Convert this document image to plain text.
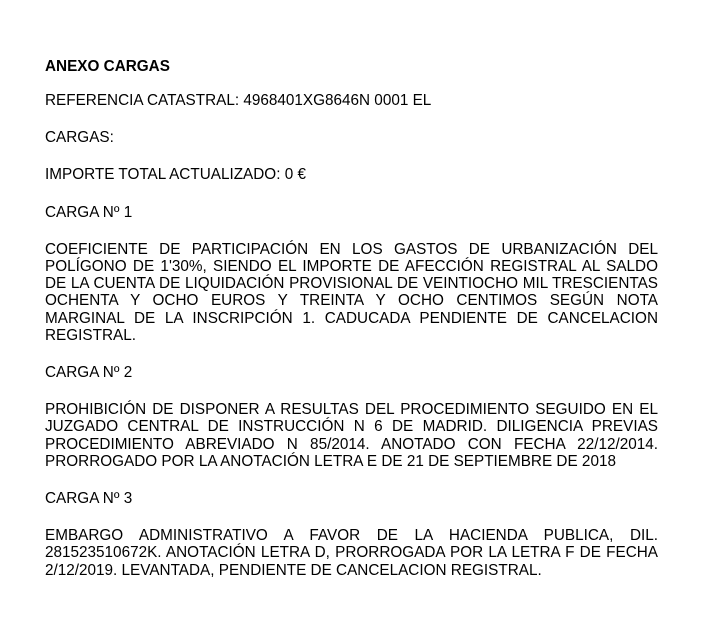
ANEXO CARGAS

REFERENCIA CATASTRAL: 4968401XG8646N 0001 EL

CARGAS:

IMPORTE TOTAL ACTUALIZADO: 0 €

CARGA Nº 1

COEFICIENTE DE PARTICIPACIÓN EN LOS GASTOS DE URBANIZACIÓN DEL POLÍGONO DE 1'30%, SIENDO EL IMPORTE DE AFECCIÓN REGISTRAL AL SALDO DE LA CUENTA DE LIQUIDACIÓN PROVISIONAL DE VEINTIOCHO MIL TRESCIENTAS OCHENTA Y OCHO EUROS Y TREINTA Y OCHO CENTIMOS SEGÚN NOTA MARGINAL DE LA INSCRIPCIÓN 1. CADUCADA PENDIENTE DE CANCELACION REGISTRAL.

CARGA Nº 2

PROHIBICIÓN DE DISPONER A RESULTAS DEL PROCEDIMIENTO SEGUIDO EN EL JUZGADO CENTRAL DE INSTRUCCIÓN N 6 DE MADRID. DILIGENCIA PREVIAS PROCEDIMIENTO ABREVIADO N 85/2014. ANOTADO CON FECHA 22/12/2014. PRORROGADO POR LA ANOTACIÓN LETRA E DE 21 DE SEPTIEMBRE DE 2018

CARGA Nº 3

EMBARGO ADMINISTRATIVO A FAVOR DE LA HACIENDA PUBLICA, DIL. 281523510672K. ANOTACIÓN LETRA D, PRORROGADA POR LA LETRA F DE FECHA 2/12/2019. LEVANTADA, PENDIENTE DE CANCELACION REGISTRAL.
